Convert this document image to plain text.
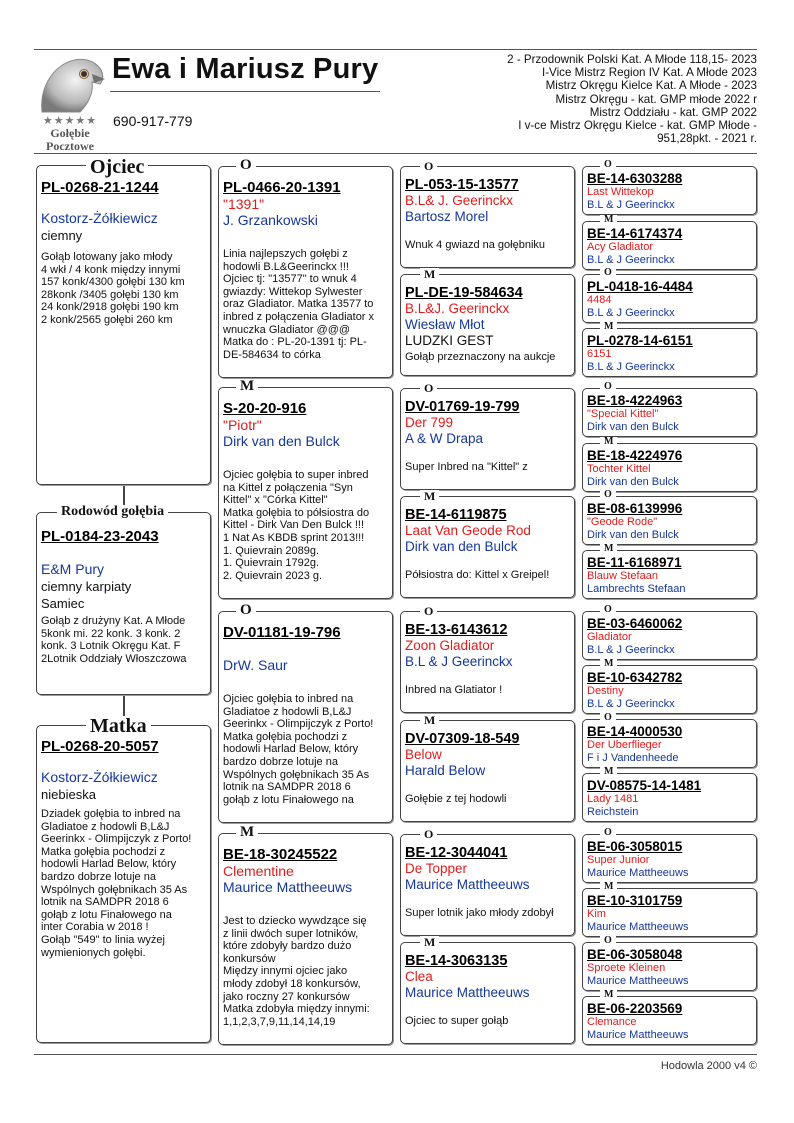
★★★★★
Gołębie
Pocztowe
Ewa i Mariusz Pury
690-917-779
2 - Przodownik Polski Kat. A Młode 118,15- 2023
I-Vice Mistrz Region IV Kat. A Młode 2023
Mistrz Okręgu Kielce Kat. A Młode - 2023
Mistrz Okręgu - kat. GMP młode 2022 r
Mistrz Oddziału - kat. GMP 2022
I v-ce Mistrz Okręgu Kielce - kat. GMP Młode -
951,28pkt. - 2021 r.
PL-0268-21-1244
Kostorz-Żółkiewicz
ciemny
Gołąb lotowany jako młody
4 wkł / 4 konk między innymi
157 konk/4300 gołębi 130 km
28konk /3405 gołębi 130 km
24 konk/2918 gołębi 190 km
2 konk/2565 gołębi 260 km
Ojciec
PL-0184-23-2043
E&M Pury
ciemny karpiaty
Samiec
Gołąb z drużyny Kat. A Młode
5konk mi. 22 konk. 3 konk. 2
konk. 3 Lotnik Okręgu Kat. F
2Lotnik Oddziały Włoszczowa
Rodowód gołębia
PL-0268-20-5057
Kostorz-Żółkiewicz
niebieska
Dziadek gołębia to inbred na
Gladiatoe z hodowli B,L&J
Geerinkx - Olimpijczyk z Porto!
Matka gołębia pochodzi z
hodowli Harlad Below, który
bardzo dobrze lotuje na
Wspólnych gołębnikach 35 As
lotnik na SAMDPR 2018 6
gołąb z lotu Finałowego na
inter Corabia w 2018 !
Gołąb "549" to linia wyżej
wymienionych gołębi.
Matka
PL-0466-20-1391
"1391"
J. Grzankowski
Linia najlepszych gołębi z
hodowli B.L&Geerinckx !!!
Ojciec tj: "13577" to wnuk 4
gwiazdy: Wittekop Sylwester
oraz Gladiator. Matka 13577 to
inbred z połączenia Gladiator x
wnuczka Gladiator @@@
Matka do : PL-20-1391 tj: PL-
DE-584634 to córka
O
S-20-20-916
"Piotr"
Dirk van den Bulck
Ojciec gołębia to super inbred
na Kittel z połączenia "Syn
Kittel" x "Córka Kittel"
Matka gołębia to półsiostra do
Kittel - Dirk Van Den Bulck !!!
1 Nat As KBDB sprint 2013!!!
1. Quievrain 2089g.
1. Quievrain 1792g.
2. Quievrain 2023 g.
M
DV-01181-19-796
DrW. Saur
Ojciec gołębia to inbred na
Gladiatoe z hodowli B,L&J
Geerinkx - Olimpijczyk z Porto!
Matka gołębia pochodzi z
hodowli Harlad Below, który
bardzo dobrze lotuje na
Wspólnych gołębnikach 35 As
lotnik na SAMDPR 2018 6
gołąb z lotu Finałowego na
O
BE-18-30245522
Clementine
Maurice Mattheeuws
Jest to dziecko wywdzące się
z linii dwóch super lotników,
które zdobyły bardzo dużo
konkursów
Między innymi ojciec jako
młody zdobył 18 konkursów,
jako roczny 27 konkursów
Matka zdobyła między innymi:
1,1,2,3,7,9,11,14,14,19
M
PL-053-15-13577
B.L& J. Geerinckx
Bartosz Morel
Wnuk 4 gwiazd na gołębniku
O
PL-DE-19-584634
B.L&J. Geerinckx
Wiesław Młot
LUDZKI GEST
Gołąb przeznaczony na aukcje
M
DV-01769-19-799
Der 799
A & W Drapa
Super Inbred na "Kittel" z
O
BE-14-6119875
Laat Van Geode Rod
Dirk van den Bulck
Półsiostra do: Kittel x Greipel!
M
BE-13-6143612
Zoon Gladiator
B.L & J Geerinckx
Inbred na Glatiator !
O
DV-07309-18-549
Below
Harald Below
Gołębie z tej hodowli
M
BE-12-3044041
De Topper
Maurice Mattheeuws
Super lotnik jako młody zdobył
O
BE-14-3063135
Clea
Maurice Mattheeuws
Ojciec to super gołąb
M
BE-14-6303288
Last Wittekop
B.L & J Geerinckx
O
BE-14-6174374
Acy Gladiator
B.L & J Geerinckx
M
PL-0418-16-4484
4484
B.L & J Geerinckx
O
PL-0278-14-6151
6151
B.L & J Geerinckx
M
BE-18-4224963
"Special Kittel"
Dirk van den Bulck
O
BE-18-4224976
Tochter Kittel
Dirk van den Bulck
M
BE-08-6139996
"Geode Rode"
Dirk van den Bulck
O
BE-11-6168971
Blauw Stefaan
Lambrechts Stefaan
M
BE-03-6460062
Gladiator
B.L & J Geerinckx
O
BE-10-6342782
Destiny
B.L & J Geerinckx
M
BE-14-4000530
Der Uberflieger
F i J Vandenheede
O
DV-08575-14-1481
Lady 1481
Reichstein
M
BE-06-3058015
Super Junior
Maurice Mattheeuws
O
BE-10-3101759
Kim
Maurice Mattheeuws
M
BE-06-3058048
Sproete Kleinen
Maurice Mattheeuws
O
BE-06-2203569
Clemance
Maurice Mattheeuws
M
Hodowla 2000 v4 ©
